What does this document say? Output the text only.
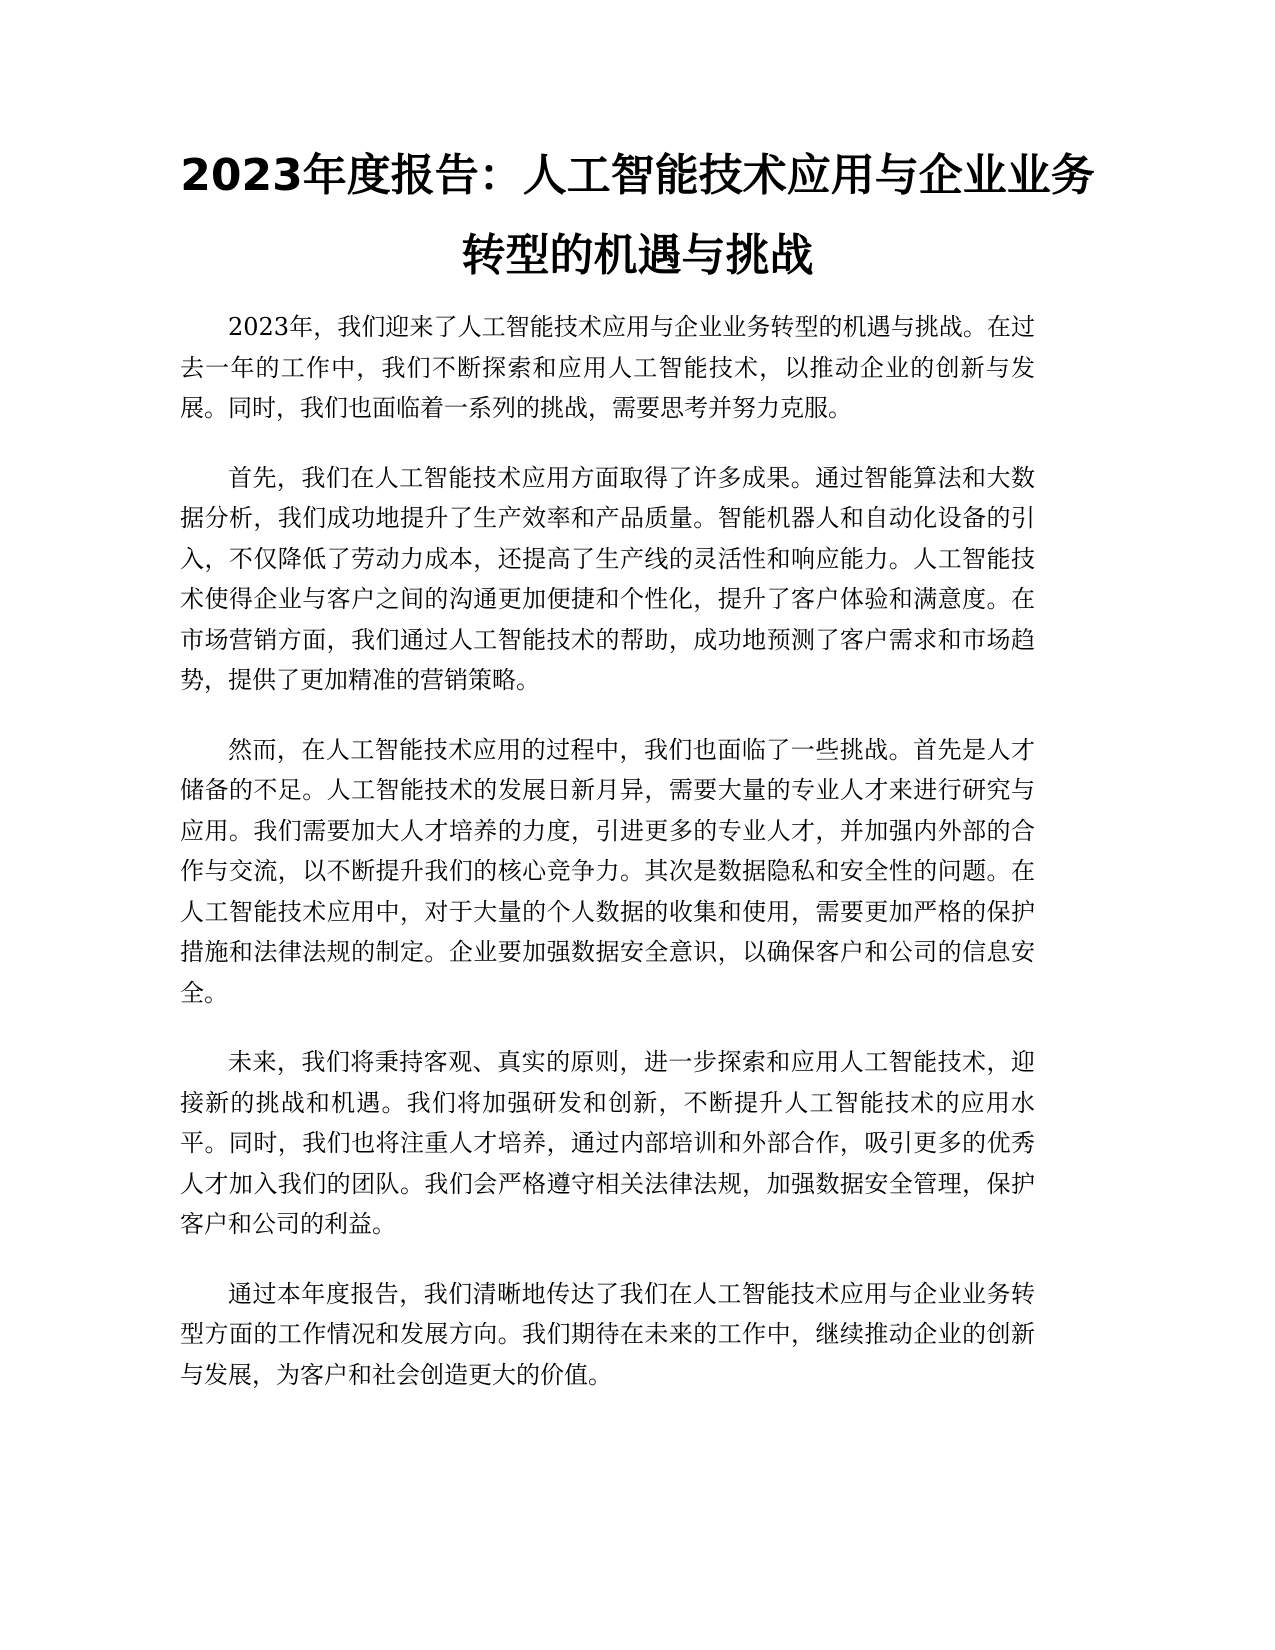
2023年度报告：人工智能技术应用与企业业务转型的机遇与挑战

2023年，我们迎来了人工智能技术应用与企业业务转型的机遇与挑战。在过去一年的工作中，我们不断探索和应用人工智能技术，以推动企业的创新与发展。同时，我们也面临着一系列的挑战，需要思考并努力克服。

首先，我们在人工智能技术应用方面取得了许多成果。通过智能算法和大数据分析，我们成功地提升了生产效率和产品质量。智能机器人和自动化设备的引入，不仅降低了劳动力成本，还提高了生产线的灵活性和响应能力。人工智能技术使得企业与客户之间的沟通更加便捷和个性化，提升了客户体验和满意度。在市场营销方面，我们通过人工智能技术的帮助，成功地预测了客户需求和市场趋势，提供了更加精准的营销策略。

然而，在人工智能技术应用的过程中，我们也面临了一些挑战。首先是人才储备的不足。人工智能技术的发展日新月异，需要大量的专业人才来进行研究与应用。我们需要加大人才培养的力度，引进更多的专业人才，并加强内外部的合作与交流，以不断提升我们的核心竞争力。其次是数据隐私和安全性的问题。在人工智能技术应用中，对于大量的个人数据的收集和使用，需要更加严格的保护措施和法律法规的制定。企业要加强数据安全意识，以确保客户和公司的信息安全。

未来，我们将秉持客观、真实的原则，进一步探索和应用人工智能技术，迎接新的挑战和机遇。我们将加强研发和创新，不断提升人工智能技术的应用水平。同时，我们也将注重人才培养，通过内部培训和外部合作，吸引更多的优秀人才加入我们的团队。我们会严格遵守相关法律法规，加强数据安全管理，保护客户和公司的利益。

通过本年度报告，我们清晰地传达了我们在人工智能技术应用与企业业务转型方面的工作情况和发展方向。我们期待在未来的工作中，继续推动企业的创新与发展，为客户和社会创造更大的价值。
